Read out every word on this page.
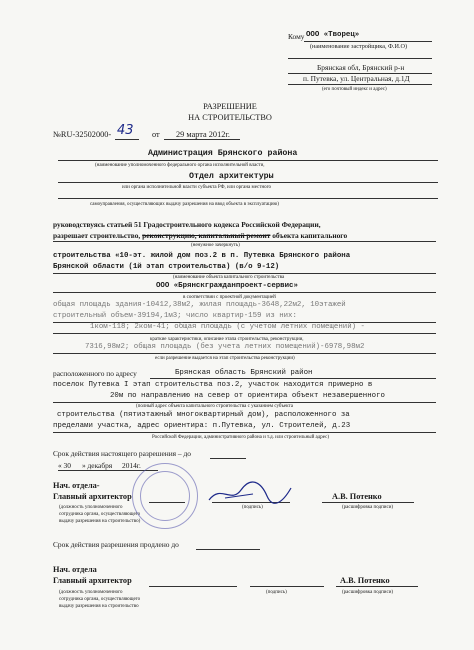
Кому ООО «Творец»
(наименование застройщика, Ф.И.О)
Брянская обл, Брянский р-н
п. Путевка, ул. Центральная, д.1Д
(его почтовый индекс и адрес)
РАЗРЕШЕНИЕ
НА СТРОИТЕЛЬСТВО
№RU-32502000- 43 от 29 марта 2012г.
Администрация Брянского района
(наименование уполномоченного федерального органа исполнительной власти,
Отдел архитектуры
или органа исполнительной власти субъекта РФ, или органа местного
самоуправления, осуществляющих выдачу разрешения на ввод объекта в эксплуатацию)
руководствуясь статьей 51 Градостроительного кодекса Российской Федерации,
разрешает строительство, реконструкцию, капитальный ремонт объекта капитального
(ненужное зачеркнуть)
строительства «10-эт. жилой дом поз.2 в п. Путевка Брянского района
Брянской области (1й этап строительства) (в/о 9-12)
(наименование объекта капитального строительства
ООО «Брянскгражданпроект-сервис»
в соответствии с проектной документацией
общая площадь здания-10412,38м2, жилая площадь-3648,22м2, 10этажей
строительный объем-39194,1м3; число квартир-159 из них:
1ком-118; 2ком-41; общая площадь (с учетом летних помещений) -
краткие характеристики, описание этапа строительства, реконструкции,
7316,98м2; общая площадь (без учета летних помещений)-6978,98м2
если разрешение выдается на этап строительства реконструкции)
расположенного по адресу	Брянская область Брянский район
поселок Путевка I этап строительства поз.2, участок находится примерно в
20м по направлению на север от ориентира объект незавершенного
(полный адрес объекта капитального строительства с указанием субъекта
строительства (пятиэтажный многоквартирный дом), расположенного за
пределами участка, адрес ориентира: п.Путевка, ул. Строителей, д.23
Российской Федерации, административного района и т.д. или строительный адрес)
Срок действия настоящего разрешения – до
« 30 » декабря 2014г.
Нач. отдела-
Главный архитектор	А.В. Потенко
(должность уполномоченного
сотрудника органа, осуществляющего
выдачу разрешения на строительство)
(подпись)	(расшифровка подписи)
Срок действия разрешения продлено до
Нач. отдела
Главный архитектор	А.В. Потенко
(должность уполномоченного
сотрудника органа, осуществляющего
выдачу разрешения на строительство
(подпись)	(расшифровка подписи)
